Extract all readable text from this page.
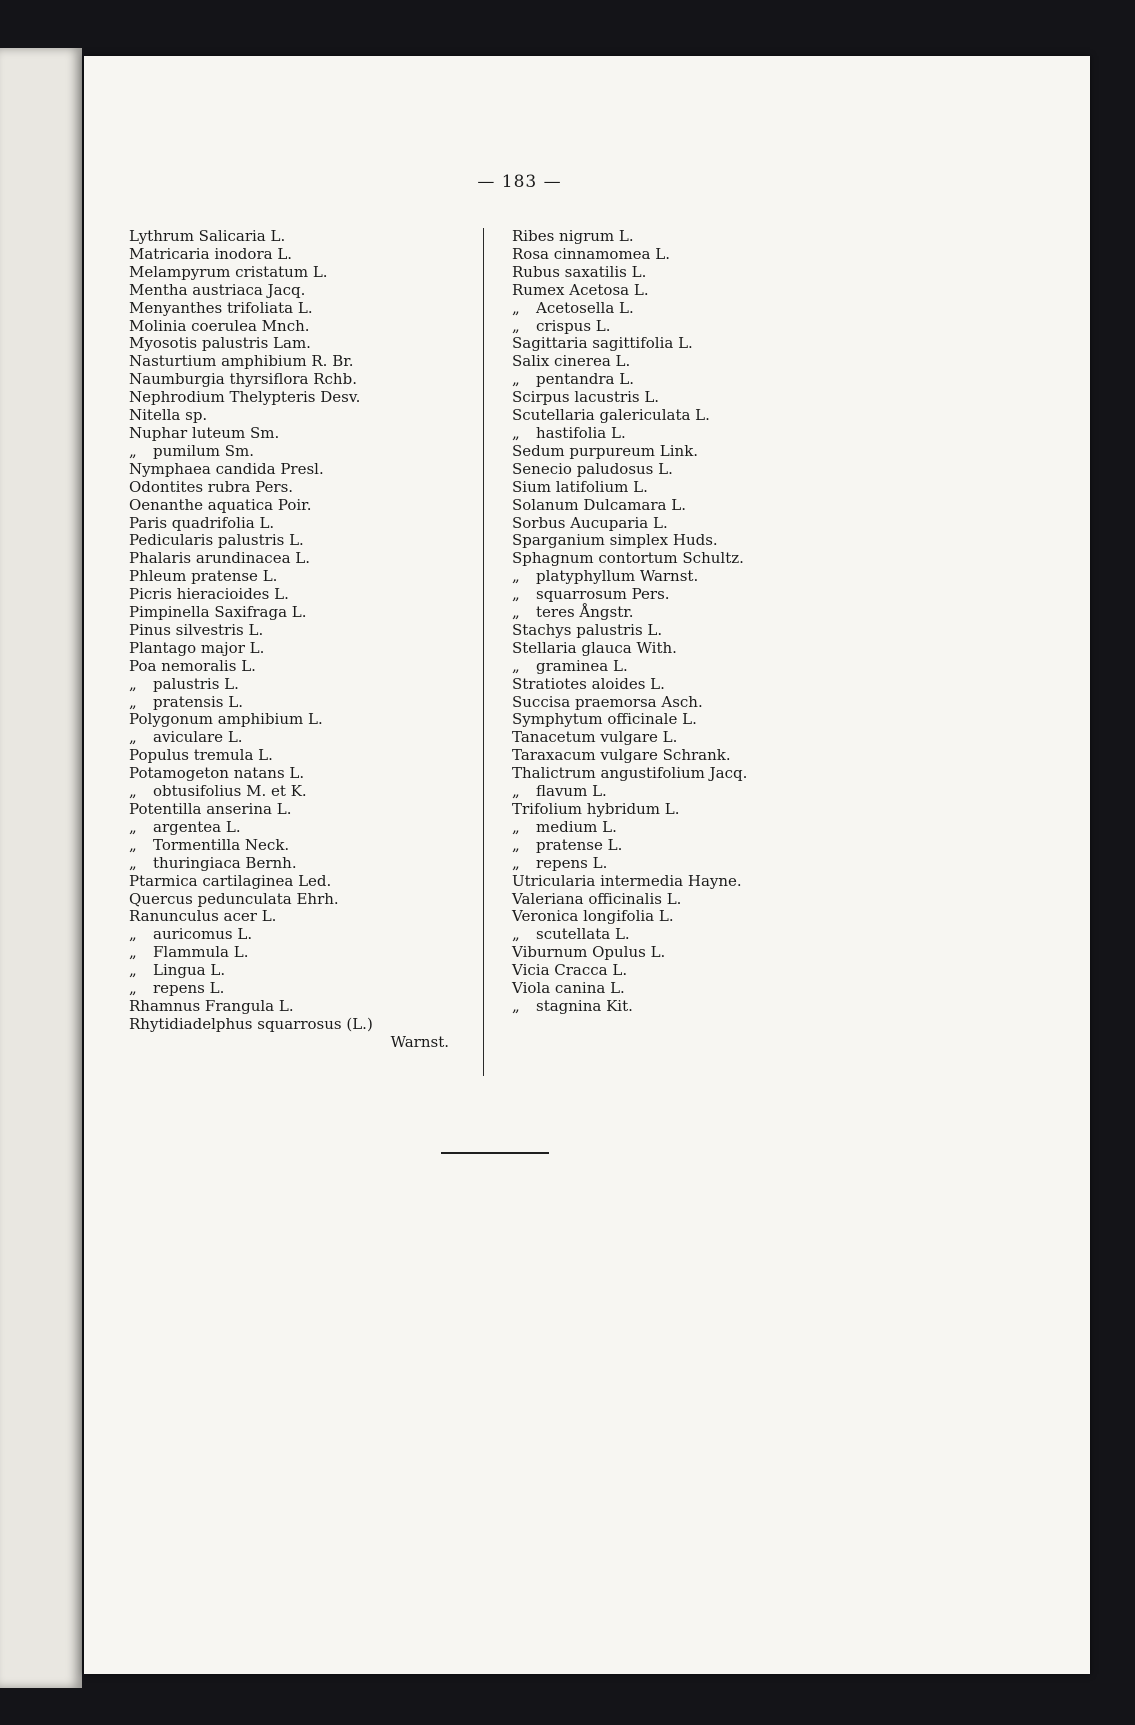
— 183 —
Lythrum Salicaria L.
Matricaria inodora L.
Melampyrum cristatum L.
Mentha austriaca Jacq.
Menyanthes trifoliata L.
Molinia coerulea Mnch.
Myosotis palustris Lam.
Nasturtium amphibium R. Br.
Naumburgia thyrsiflora Rchb.
Nephrodium Thelypteris Desv.
Nitella sp.
Nuphar luteum Sm.
„ pumilum Sm.
Nymphaea candida Presl.
Odontites rubra Pers.
Oenanthe aquatica Poir.
Paris quadrifolia L.
Pedicularis palustris L.
Phalaris arundinacea L.
Phleum pratense L.
Picris hieracioides L.
Pimpinella Saxifraga L.
Pinus silvestris L.
Plantago major L.
Poa nemoralis L.
„ palustris L.
„ pratensis L.
Polygonum amphibium L.
„ aviculare L.
Populus tremula L.
Potamogeton natans L.
„ obtusifolius M. et K.
Potentilla anserina L.
„ argentea L.
„ Tormentilla Neck.
„ thuringiaca Bernh.
Ptarmica cartilaginea Led.
Quercus pedunculata Ehrh.
Ranunculus acer L.
„ auricomus L.
„ Flammula L.
„ Lingua L.
„ repens L.
Rhamnus Frangula L.
Rhytidiadelphus squarrosus (L.)
Warnst.
Ribes nigrum L.
Rosa cinnamomea L.
Rubus saxatilis L.
Rumex Acetosa L.
„ Acetosella L.
„ crispus L.
Sagittaria sagittifolia L.
Salix cinerea L.
„ pentandra L.
Scirpus lacustris L.
Scutellaria galericulata L.
„ hastifolia L.
Sedum purpureum Link.
Senecio paludosus L.
Sium latifolium L.
Solanum Dulcamara L.
Sorbus Aucuparia L.
Sparganium simplex Huds.
Sphagnum contortum Schultz.
„ platyphyllum Warnst.
„ squarrosum Pers.
„ teres Ångstr.
Stachys palustris L.
Stellaria glauca With.
„ graminea L.
Stratiotes aloides L.
Succisa praemorsa Asch.
Symphytum officinale L.
Tanacetum vulgare L.
Taraxacum vulgare Schrank.
Thalictrum angustifolium Jacq.
„ flavum L.
Trifolium hybridum L.
„ medium L.
„ pratense L.
„ repens L.
Utricularia intermedia Hayne.
Valeriana officinalis L.
Veronica longifolia L.
„ scutellata L.
Viburnum Opulus L.
Vicia Cracca L.
Viola canina L.
„ stagnina Kit.
